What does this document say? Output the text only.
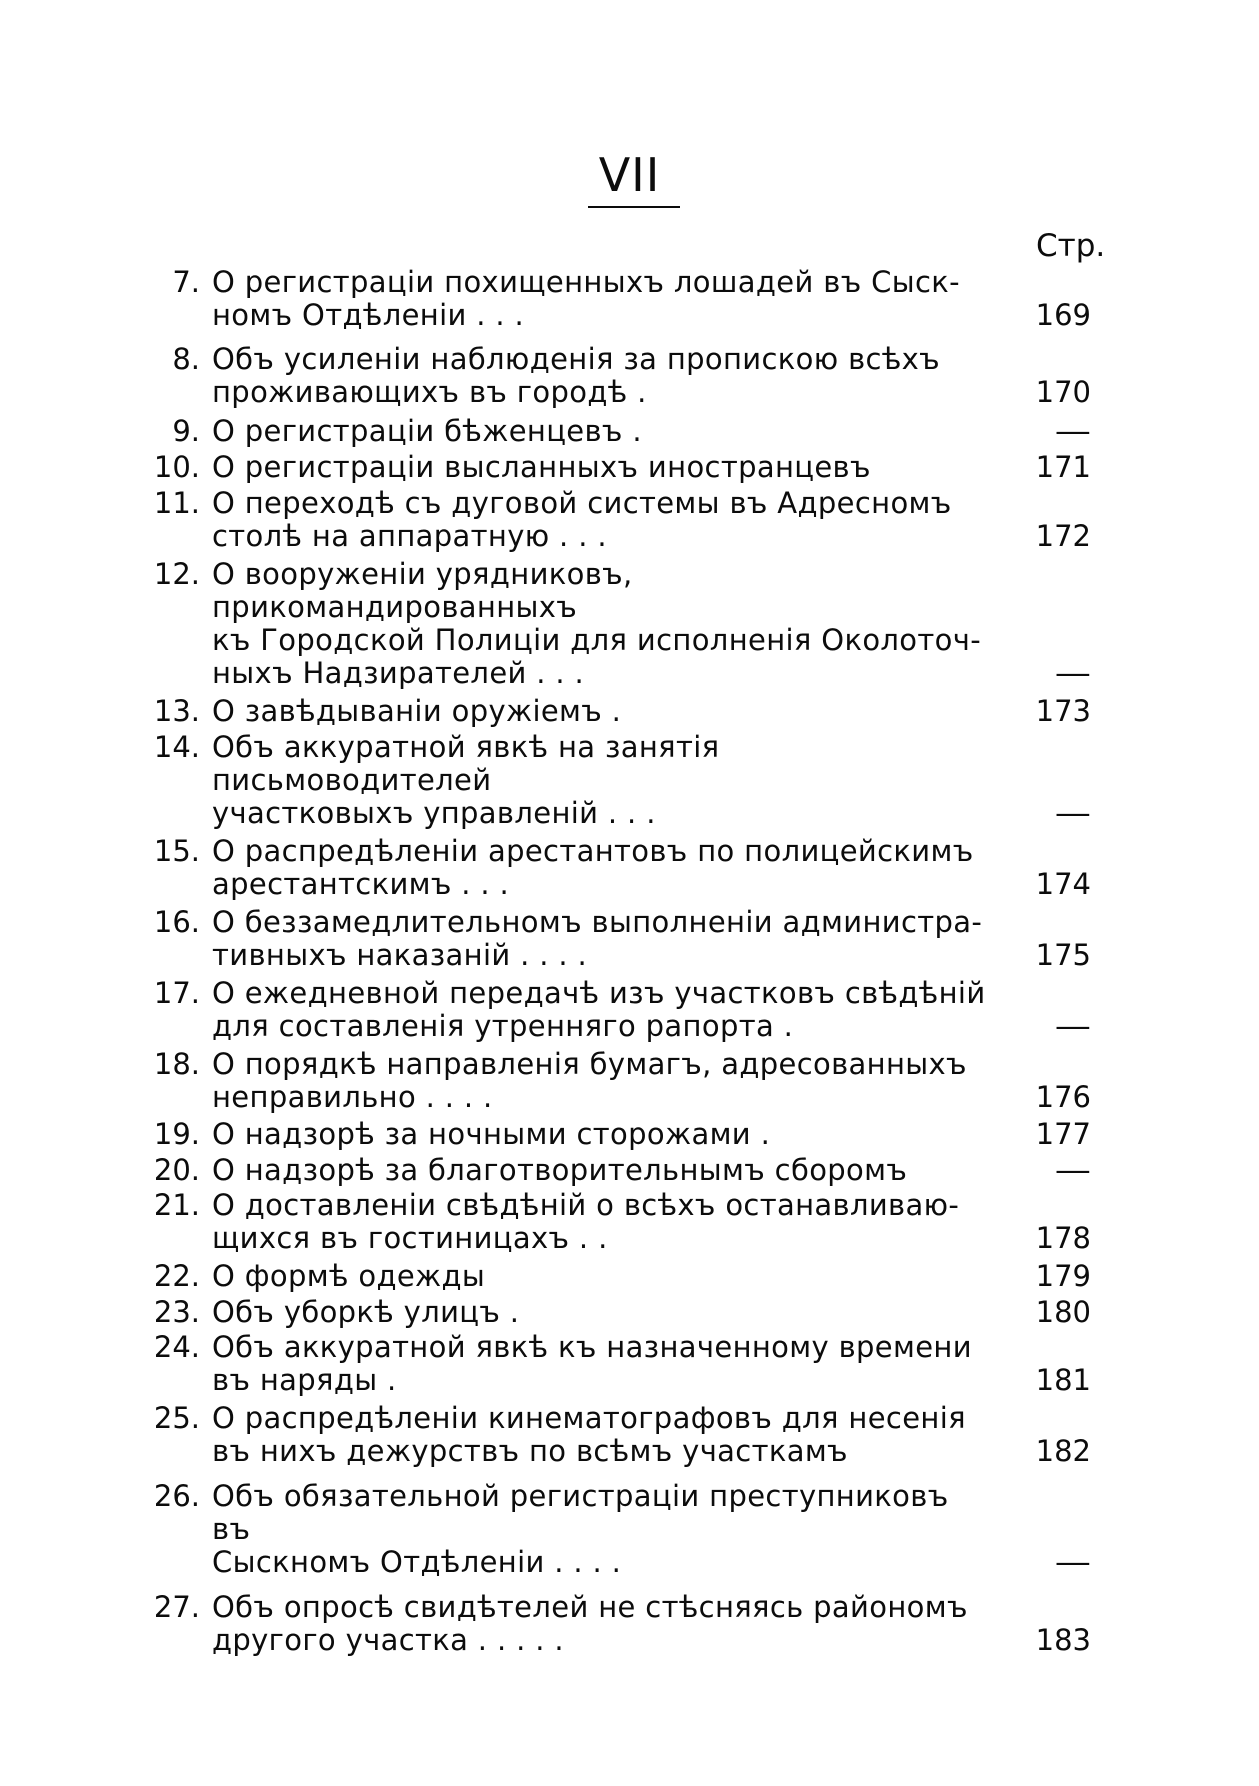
VII
Стр.
7. О регистраціи похищенныхъ лошадей въ Сыск-
номъ Отдѣленіи . . .	169
8. Объ усиленіи наблюденія за пропискою всѣхъ
проживающихъ въ городѣ .	170
9. О регистраціи бѣженцевъ .	—
10. О регистраціи высланныхъ иностранцевъ	171
11. О переходѣ съ дуговой системы въ Адресномъ
столѣ на аппаратную . . .	172
12. О вооруженіи урядниковъ, прикомандированныхъ
къ Городской Полиціи для исполненія Околоточ-
ныхъ Надзирателей . . .	—
13. О завѣдываніи оружіемъ .	173
14. Объ аккуратной явкѣ на занятія письмоводителей
участковыхъ управленій . . .	—
15. О распредѣленіи арестантовъ по полицейскимъ
арестантскимъ . . .	174
16. О беззамедлительномъ выполненіи администра-
тивныхъ наказаній . . . .	175
17. О ежедневной передачѣ изъ участковъ свѣдѣній
для составленія утренняго рапорта .	—
18. О порядкѣ направленія бумагъ, адресованныхъ
неправильно . . . .	176
19. О надзорѣ за ночными сторожами .	177
20. О надзорѣ за благотворительнымъ сборомъ	—
21. О доставленіи свѣдѣній о всѣхъ останавливаю-
щихся въ гостиницахъ . .	178
22. О формѣ одежды	179
23. Объ уборкѣ улицъ .	180
24. Объ аккуратной явкѣ къ назначенному времени
въ наряды .	181
25. О распредѣленіи кинематографовъ для несенія
въ нихъ дежурствъ по всѣмъ участкамъ	182
26. Объ обязательной регистраціи преступниковъ въ
Сыскномъ Отдѣленіи . . . .	—
27. Объ опросѣ свидѣтелей не стѣсняясь райономъ
другого участка . . . . .	183
